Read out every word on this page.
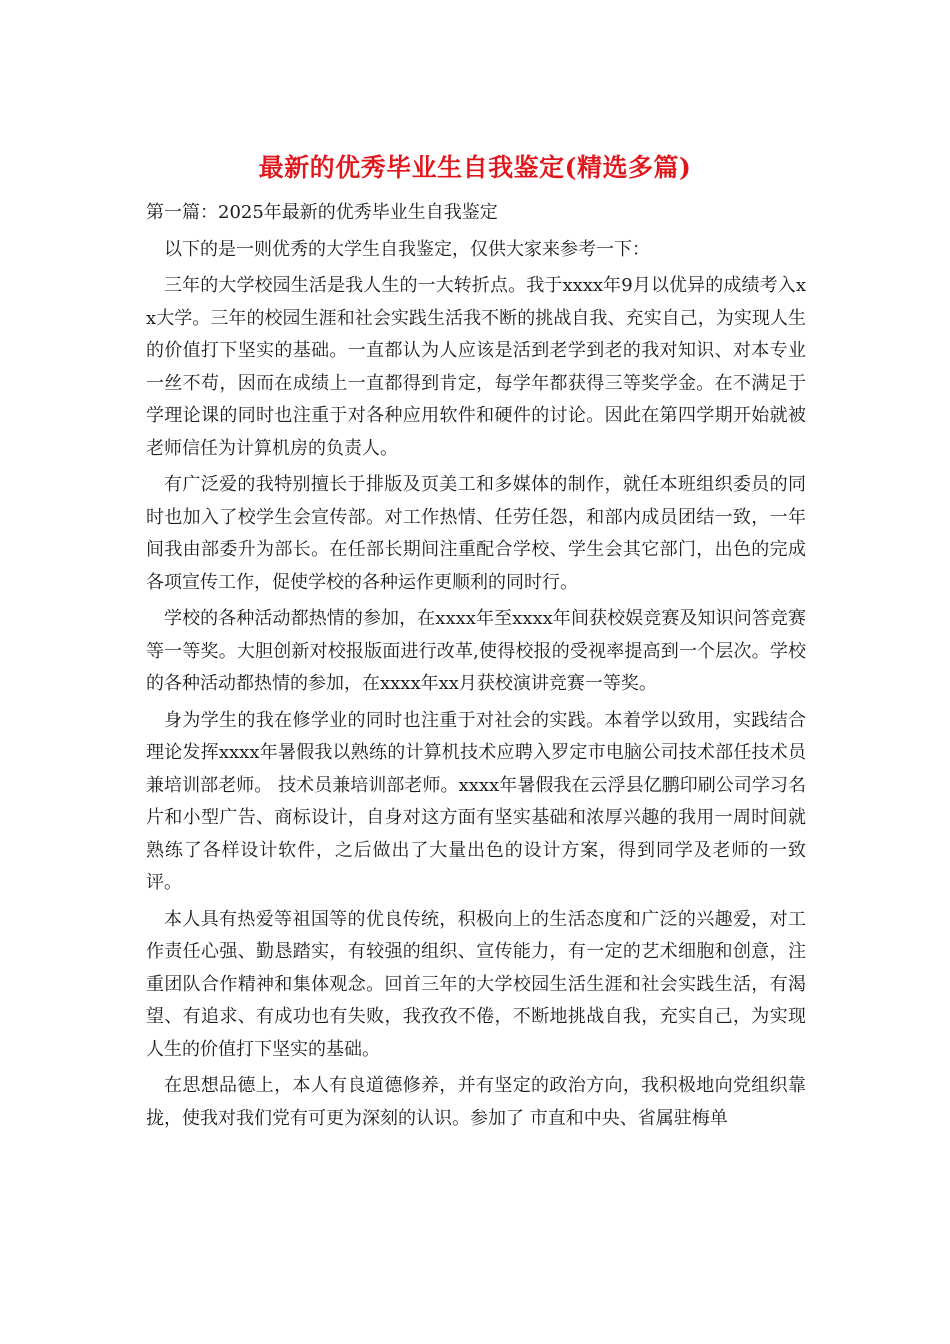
最新的优秀毕业生自我鉴定(精选多篇)

第一篇：2025年最新的优秀毕业生自我鉴定

以下的是一则优秀的大学生自我鉴定，仅供大家来参考一下：

三年的大学校园生活是我人生的一大转折点。我于xxxx年9月以优异的成绩考入xx大学。三年的校园生涯和社会实践生活我不断的挑战自我、充实自己，为实现人生的价值打下坚实的基础。一直都认为人应该是活到老学到老的我对知识、对本专业一丝不苟，因而在成绩上一直都得到肯定，每学年都获得三等奖学金。在不满足于学理论课的同时也注重于对各种应用软件和硬件的讨论。因此在第四学期开始就被老师信任为计算机房的负责人。

有广泛爱的我特别擅长于排版及页美工和多媒体的制作，就任本班组织委员的同时也加入了校学生会宣传部。对工作热情、任劳任怨，和部内成员团结一致，一年间我由部委升为部长。在任部长期间注重配合学校、学生会其它部门，出色的完成各项宣传工作，促使学校的各种运作更顺利的同时行。

学校的各种活动都热情的参加，在xxxx年至xxxx年间获校娱竞赛及知识问答竞赛等一等奖。大胆创新对校报版面进行改革,使得校报的受视率提高到一个层次。学校的各种活动都热情的参加，在xxxx年xx月获校演讲竞赛一等奖。

身为学生的我在修学业的同时也注重于对社会的实践。本着学以致用，实践结合理论发挥xxxx年暑假我以熟练的计算机技术应聘入罗定市电脑公司技术部任技术员兼培训部老师。 技术员兼培训部老师。xxxx年暑假我在云浮县亿鹏印刷公司学习名片和小型广告、商标设计，自身对这方面有坚实基础和浓厚兴趣的我用一周时间就熟练了各样设计软件，之后做出了大量出色的设计方案，得到同学及老师的一致评。

本人具有热爱等祖国等的优良传统，积极向上的生活态度和广泛的兴趣爱，对工作责任心强、勤恳踏实，有较强的组织、宣传能力，有一定的艺术细胞和创意，注重团队合作精神和集体观念。回首三年的大学校园生活生涯和社会实践生活，有渴望、有追求、有成功也有失败，我孜孜不倦，不断地挑战自我，充实自己，为实现人生的价值打下坚实的基础。

在思想品德上，本人有良道德修养，并有坚定的政治方向，我积极地向党组织靠拢，使我对我们党有可更为深刻的认识。参加了 市直和中央、省属驻梅单
